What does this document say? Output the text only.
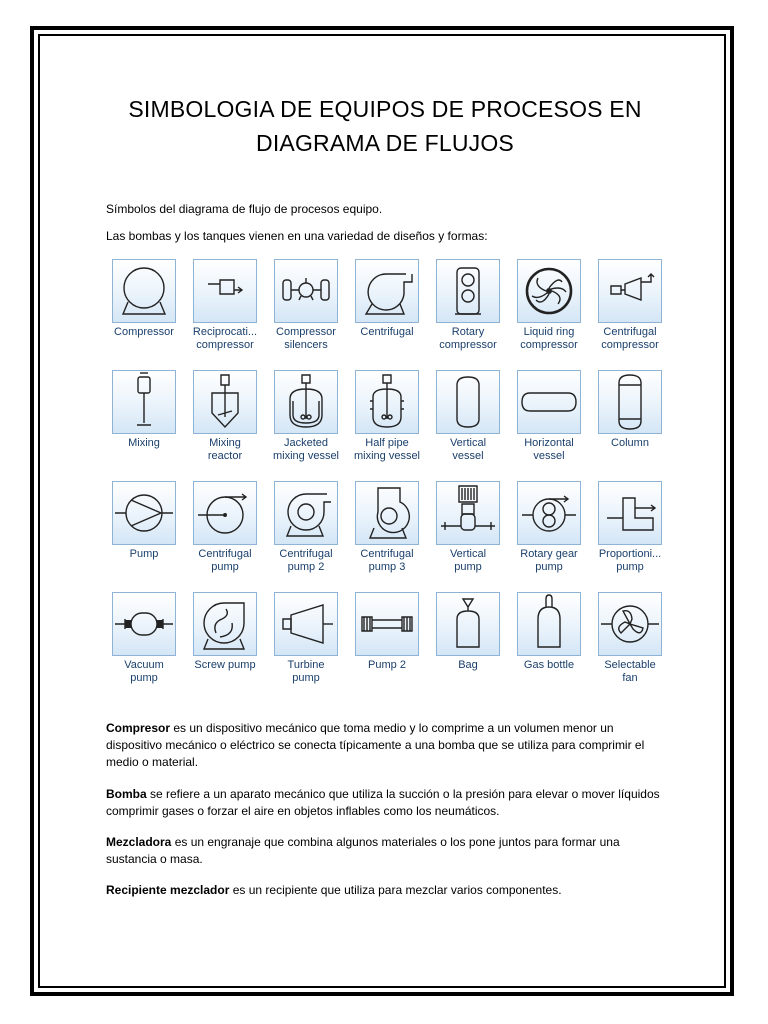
SIMBOLOGIA DE EQUIPOS DE PROCESOS EN
DIAGRAMA DE FLUJOS
Símbolos del diagrama de flujo de procesos equipo.
Las bombas y los tanques vienen en una variedad de diseños y formas:
Compressor	Reciprocati...
compressor
Compressor
silencers
Centrifugal	Rotary
compressor
Liquid ring
compressor
Centrifugal
compressor
Mixing	Mixing
reactor
Jacketed
mixing vessel
Half pipe
mixing vessel
Vertical
vessel
Horizontal
vessel
Column
Pump	Centrifugal
pump
Centrifugal
pump 2
Centrifugal
pump 3
Vertical
pump
Rotary gear
pump
Proportioni...
pump
Vacuum
pump
Screw pump	Turbine
pump
Pump 2	Bag	Gas bottle	Selectable
fan
Compresor es un dispositivo mecánico que toma medio y lo comprime a un volumen menor un dispositivo mecánico o eléctrico se conecta típicamente a una bomba que se utiliza para comprimir el medio o material.
Bomba se refiere a un aparato mecánico que utiliza la succión o la presión para elevar o mover líquidos comprimir gases o forzar el aire en objetos inflables como los neumáticos.
Mezcladora es un engranaje que combina algunos materiales o los pone juntos para formar una sustancia o masa.
Recipiente mezclador es un recipiente que utiliza para mezclar varios componentes.
